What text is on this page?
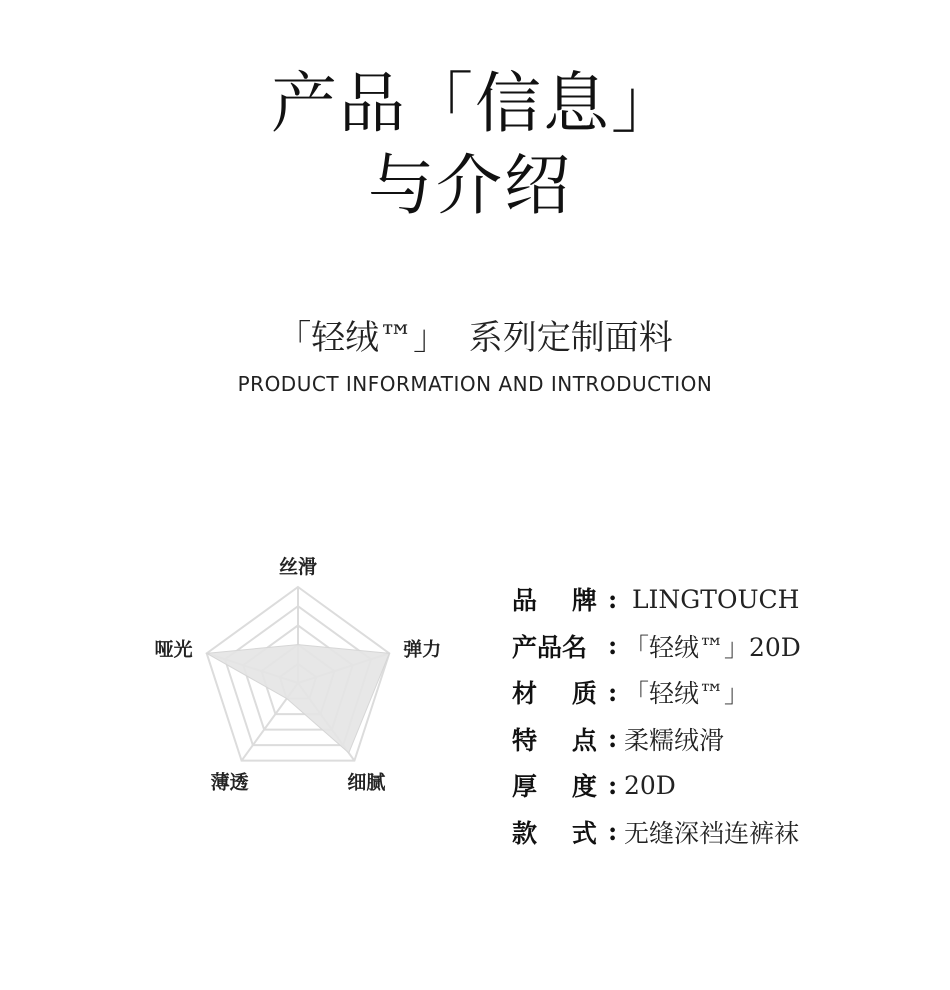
产品「信息」
与介绍
「轻绒™」  系列定制面料
PRODUCT INFORMATION AND INTRODUCTION
丝滑
弹力
细腻
薄透
哑光
品    牌 : LINGTOUCH
产品名 : 「轻绒™」20D
材    质 : 「轻绒™」
特    点 : 柔糯绒滑
厚    度 : 20D
款    式 : 无缝深裆连裤袜
